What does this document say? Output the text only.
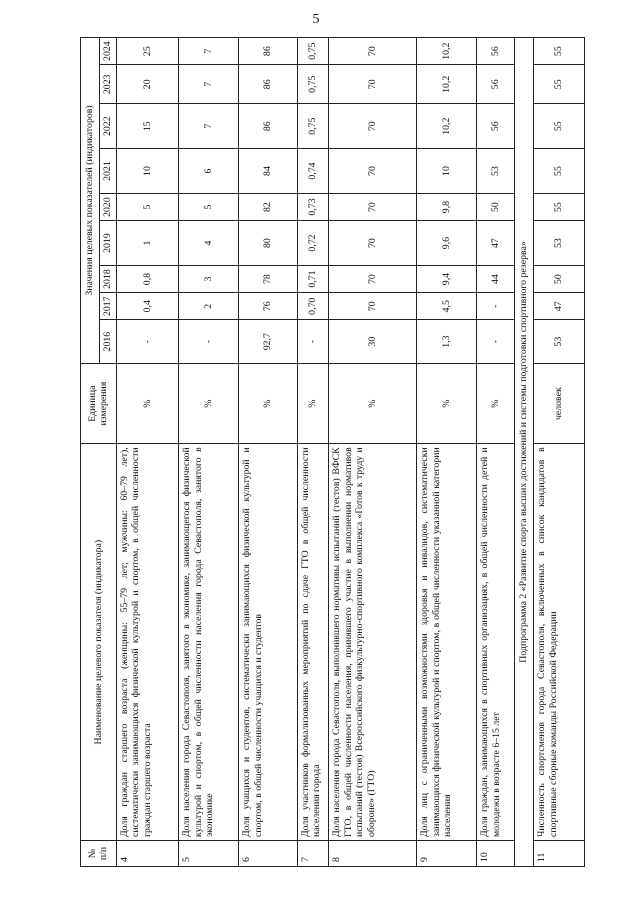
5
№
п/п	Наименование целевого показателя (индикатора)	Единица измерения	Значения целевых показателей (индикаторов)								
			2016	2017	2018	2019	2020	2021	2022	2023	2024
4	Доля граждан старшего возраста (женщины: 55–79 лет; мужчины: 60–79 лет), систематически занимающихся физической культурой и спортом, в общей численности граждан старшего возраста	%	-	0,4	0,8	1	5	10	15	20	25
5	Доля населения города Севастополя, занятого в экономике, занимающегося физической культурой и спортом, в общей численности населения города Севастополя, занятого в экономике	%	-	2	3	4	5	6	7	7	7
6	Доля учащихся и студентов, систематически занимающихся физической культурой и спортом, в общей численности учащихся и студентов	%	92,7	76	78	80	82	84	86	86	86
7	Доля участников формализованных мероприятий по сдаче ГТО в общей численности населения города	%	-	0,70	0,71	0,72	0,73	0,74	0,75	0,75	0,75
8	Доля населения города Севастополя, выполнившего нормативы испытаний (тестов) ВФСК ГТО, в общей численности населения, принявшего участие в выполнении нормативов испытаний (тестов) Всероссийского физкультурно-спортивного комплекса «Готов к труду и обороне» (ГТО)	%	30	70	70	70	70	70	70	70	70
9	Доля лиц с ограниченными возможностями здоровья и инвалидов, систематически занимающихся физической культурой и спортом, в общей численности указанной категории населения	%	1,3	4,5	9,4	9,6	9,8	10	10,2	10,2	10,2
10	Доля граждан, занимающихся в спортивных организациях, в общей численности детей и молодежи в возрасте 6–15 лет	%	-	-	44	47	50	53	56	56	56
Подпрограмма 2 «Развитие спорта высших достижений и системы подготовки спортивного резерва»											
11	Численность спортсменов города Севастополя, включенных в список кандидатов в спортивные сборные команды Российской Федерации	человек	53	47	50	53	55	55	55	55	55
